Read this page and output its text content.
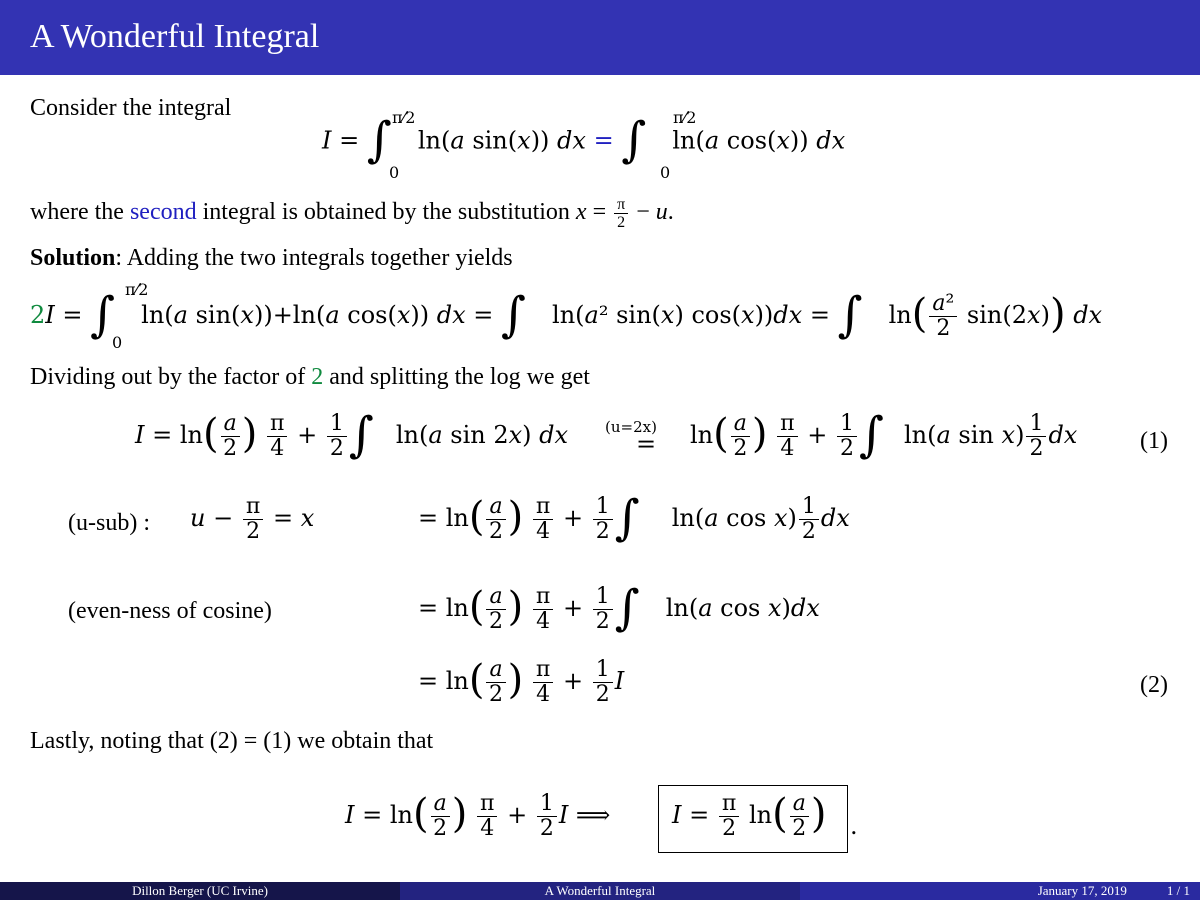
A Wonderful Integral
Consider the integral
I = ∫ ln(a sin(x)) dx = ∫ ln(a cos(x)) dx
π⁄2
0
π⁄2
0
where the second integral is obtained by the substitution $x = \frac{\pi}{2} - u$.
Solution: Adding the two integrals together yields
2I = ∫ ln(a sin(x))+ln(a cos(x)) dx = ∫ ln(a² sin(x) cos(x))dx = ∫ $\ln( \frac{\text{a²}}{2} \sin(2x))$ dx
π⁄2
0
Dividing out by the factor of 2 and splitting the log we get
$I = \ln( \frac{a}{2}$ ) $\frac{\pi}{4} + \frac{1}{2}$ ∫ ln(a sin 2x) dx (u=2x)
= $\ln( \frac{a}{2}$ ) $\frac{\pi}{4} + \frac{1}{2}$ ∫ ln(a $\sin x) \frac{1}{2}$ dx	(1)
(u-sub) : $u - \frac{\pi}{2} = x$	= $\ln( \frac{a}{2}$ ) $\frac{\pi}{4} + \frac{1}{2}$ ∫ ln(a $\cos x) \frac{1}{2}$ dx
(even-ness of cosine)	= $\ln( \frac{a}{2}$ ) $\frac{\pi}{4} + \frac{1}{2}$ ∫ ln(a cos x)dx
= $\ln( \frac{a}{2}$ ) $\frac{\pi}{4} + \frac{1}{2}$ I	(2)
Lastly, noting that (2) = (1) we obtain that
$I = \ln( \frac{a}{2}$ ) $\frac{\pi}{4} + \frac{1}{2}$ I ⟹	$I = \frac{\pi}{2} \ln( \frac{a}{2}$ ) .
Dillon Berger (UC Irvine)	A Wonderful Integral	January 17, 2019	1 / 1
